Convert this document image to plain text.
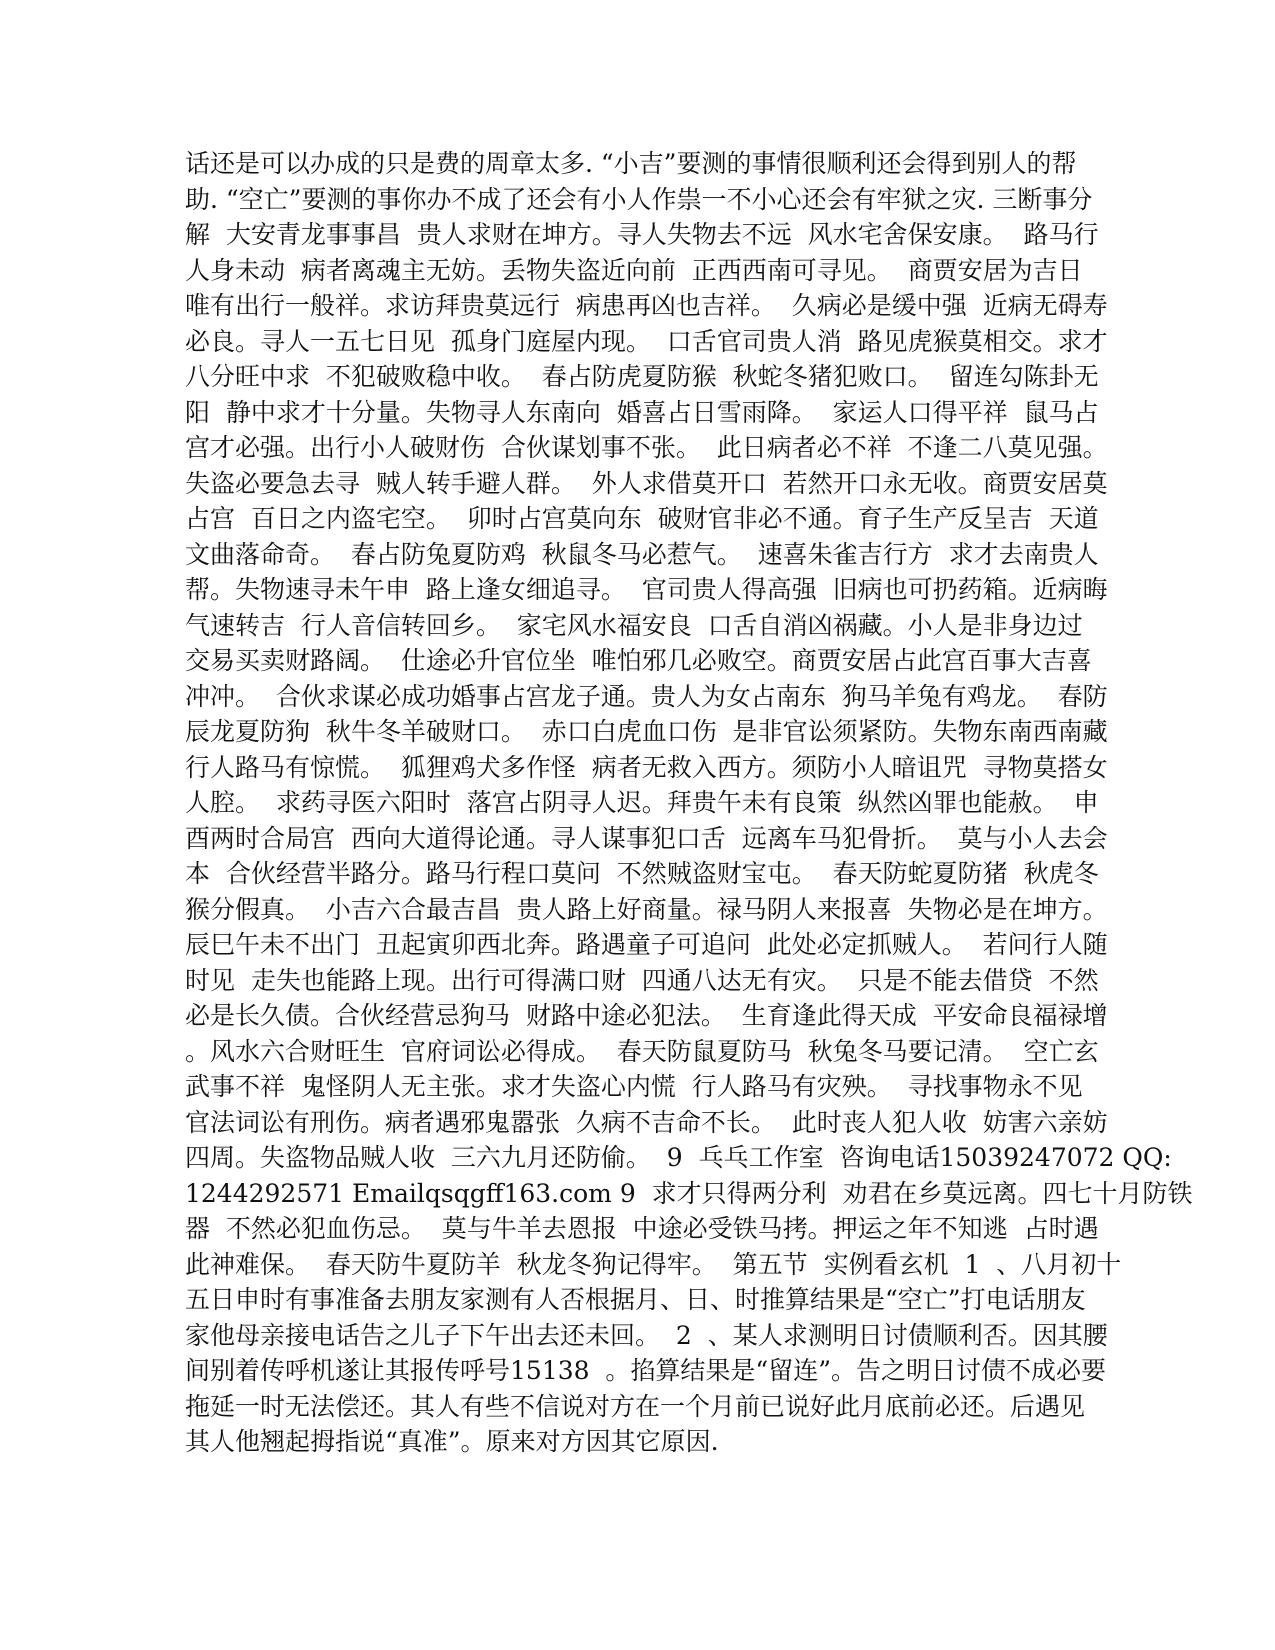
话还是可以办成的只是费的周章太多. “小吉”要测的事情很顺利还会得到别人的帮
助. “空亡”要测的事你办不成了还会有小人作祟一不小心还会有牢狱之灾. 三断事分
解  大安青龙事事昌  贵人求财在坤方。寻人失物去不远  风水宅舍保安康。  路马行
人身未动  病者离魂主无妨。丢物失盗近向前  正西西南可寻见。  商贾安居为吉日
唯有出行一般祥。求访拜贵莫远行  病患再凶也吉祥。  久病必是缓中强  近病无碍寿
必良。寻人一五七日见  孤身门庭屋内现。  口舌官司贵人消  路见虎猴莫相交。求才
八分旺中求  不犯破败稳中收。  春占防虎夏防猴  秋蛇冬猪犯败口。  留连勾陈卦无
阳  静中求才十分量。失物寻人东南向  婚喜占日雪雨降。  家运人口得平祥  鼠马占
宫才必强。出行小人破财伤  合伙谋划事不张。  此日病者必不祥  不逢二八莫见强。
失盗必要急去寻  贼人转手避人群。  外人求借莫开口  若然开口永无收。商贾安居莫
占宫  百日之内盗宅空。  卯时占宫莫向东  破财官非必不通。育子生产反呈吉  天道
文曲落命奇。  春占防兔夏防鸡  秋鼠冬马必惹气。  速喜朱雀吉行方  求才去南贵人
帮。失物速寻未午申  路上逢女细追寻。  官司贵人得高强  旧病也可扔药箱。近病晦
气速转吉  行人音信转回乡。  家宅风水福安良  口舌自消凶祸藏。小人是非身边过
交易买卖财路阔。  仕途必升官位坐  唯怕邪几必败空。商贾安居占此宫百事大吉喜
冲冲。  合伙求谋必成功婚事占宫龙子通。贵人为女占南东  狗马羊兔有鸡龙。  春防
辰龙夏防狗  秋牛冬羊破财口。  赤口白虎血口伤  是非官讼须紧防。失物东南西南藏
行人路马有惊慌。  狐狸鸡犬多作怪  病者无救入西方。须防小人暗诅咒  寻物莫搭女
人腔。  求药寻医六阳时  落宫占阴寻人迟。拜贵午未有良策  纵然凶罪也能赦。  申
酉两时合局宫  西向大道得论通。寻人谋事犯口舌  远离车马犯骨折。  莫与小人去会
本  合伙经营半路分。路马行程口莫问  不然贼盗财宝屯。  春天防蛇夏防猪  秋虎冬
猴分假真。  小吉六合最吉昌  贵人路上好商量。禄马阴人来报喜  失物必是在坤方。
辰巳午未不出门  丑起寅卯西北奔。路遇童子可追问  此处必定抓贼人。  若问行人随
时见  走失也能路上现。出行可得满口财  四通八达无有灾。  只是不能去借贷  不然
必是长久债。合伙经营忌狗马  财路中途必犯法。  生育逢此得天成  平安命良福禄增
。风水六合财旺生  官府词讼必得成。  春天防鼠夏防马  秋兔冬马要记清。  空亡玄
武事不祥  鬼怪阴人无主张。求才失盗心内慌  行人路马有灾殃。  寻找事物永不见
官法词讼有刑伤。病者遇邪鬼嚣张  久病不吉命不长。  此时丧人犯人收  妨害六亲妨
四周。失盗物品贼人收  三六九月还防偷。  9  乓乓工作室  咨询电话15039247072 QQ:
1244292571 Emailqsqgff163.com 9  求才只得两分利  劝君在乡莫远离。四七十月防铁
器  不然必犯血伤忌。  莫与牛羊去恩报  中途必受铁马拷。押运之年不知逃  占时遇
此神难保。  春天防牛夏防羊  秋龙冬狗记得牢。  第五节  实例看玄机  1  、八月初十
五日申时有事准备去朋友家测有人否根据月、日、时推算结果是“空亡”打电话朋友
家他母亲接电话告之儿子下午出去还未回。  2  、某人求测明日讨债顺利否。因其腰
间别着传呼机遂让其报传呼号15138  。掐算结果是“留连”。告之明日讨债不成必要
拖延一时无法偿还。其人有些不信说对方在一个月前已说好此月底前必还。后遇见
其人他翘起拇指说“真准”。原来对方因其它原因.
